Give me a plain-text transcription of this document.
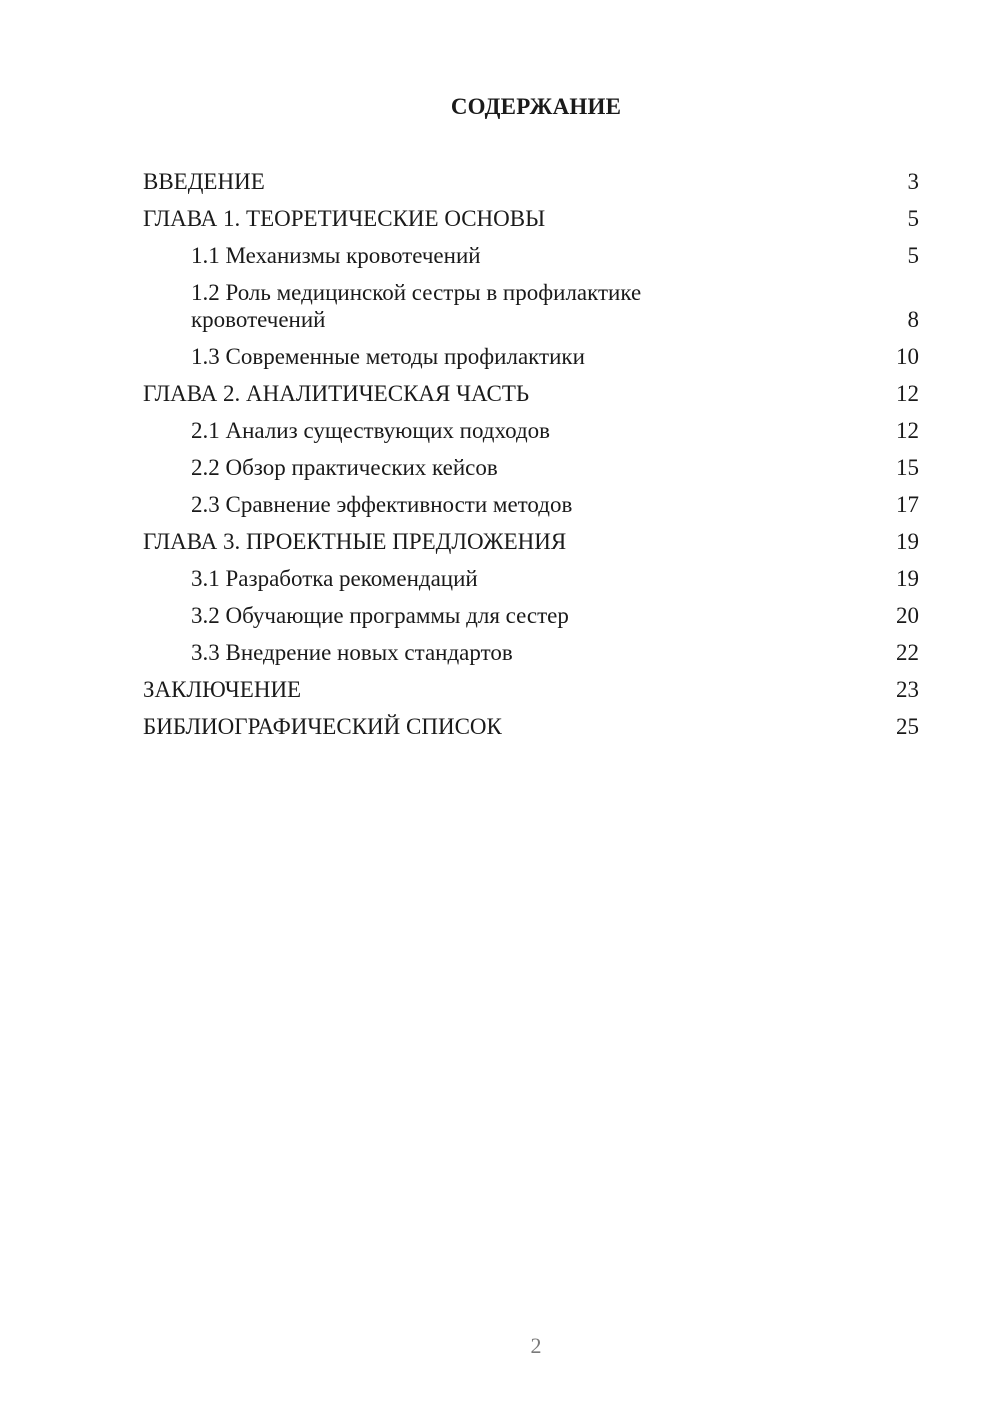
СОДЕРЖАНИЕ
ВВЕДЕНИЕ	3
ГЛАВА 1. ТЕОРЕТИЧЕСКИЕ ОСНОВЫ	5
1.1 Механизмы кровотечений	5
1.2 Роль медицинской сестры в профилактике кровотечений	8
1.3 Современные методы профилактики	10
ГЛАВА 2. АНАЛИТИЧЕСКАЯ ЧАСТЬ	12
2.1 Анализ существующих подходов	12
2.2 Обзор практических кейсов	15
2.3 Сравнение эффективности методов	17
ГЛАВА 3. ПРОЕКТНЫЕ ПРЕДЛОЖЕНИЯ	19
3.1 Разработка рекомендаций	19
3.2 Обучающие программы для сестер	20
3.3 Внедрение новых стандартов	22
ЗАКЛЮЧЕНИЕ	23
БИБЛИОГРАФИЧЕСКИЙ СПИСОК	25
2
